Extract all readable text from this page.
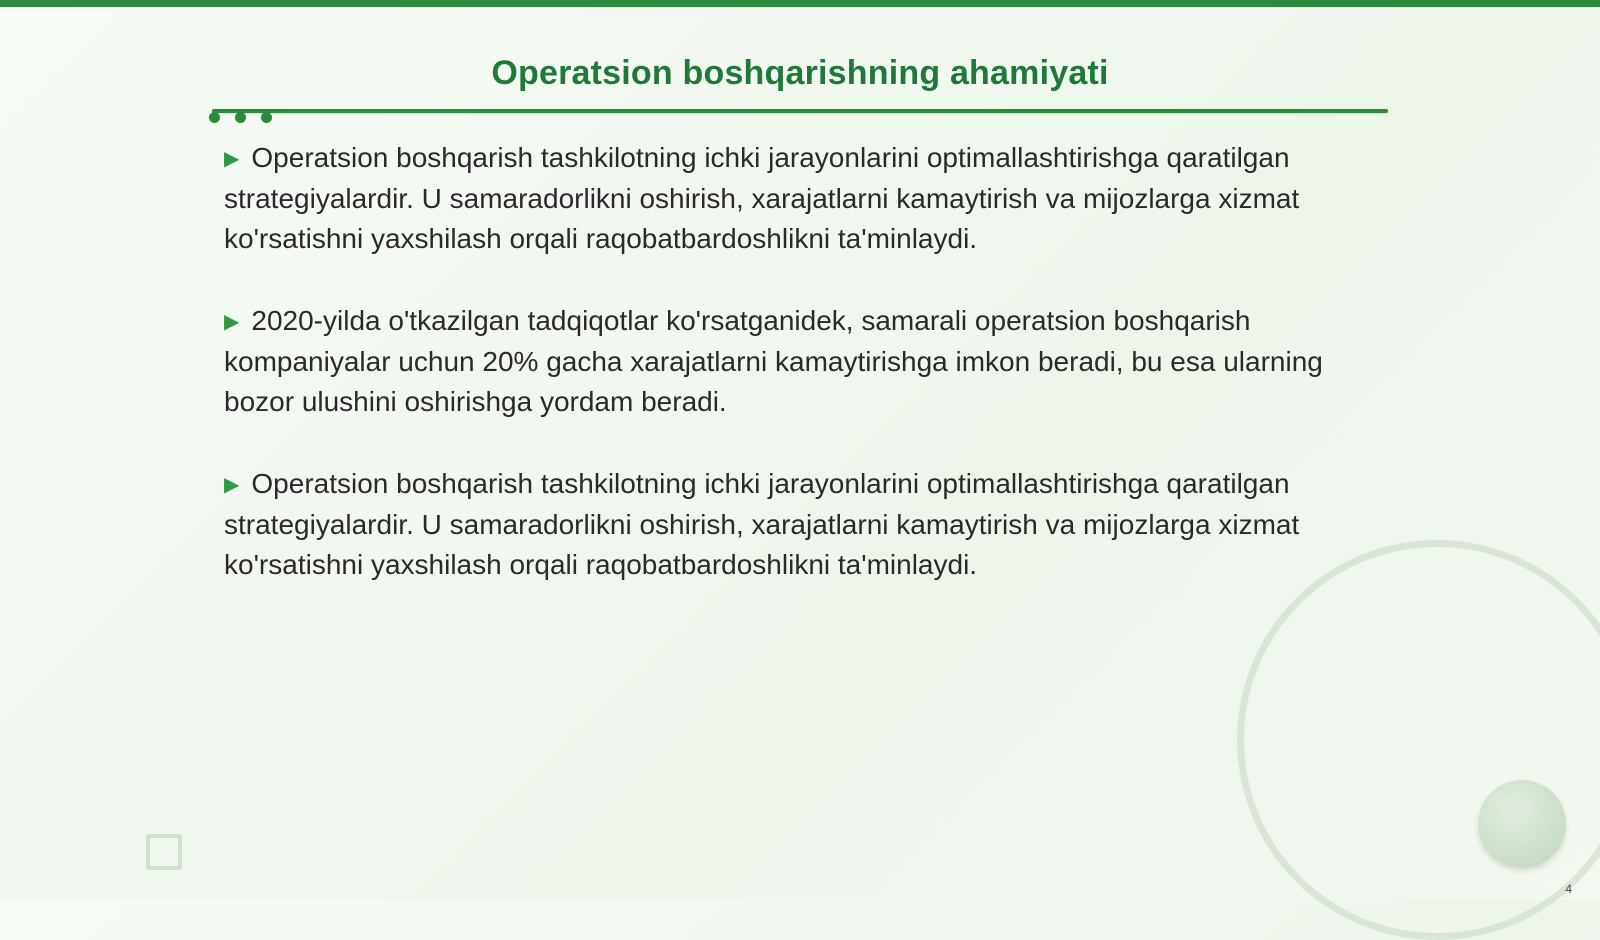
Operatsion boshqarishning ahamiyati

▶ Operatsion boshqarish tashkilotning ichki jarayonlarini optimallashtirishga qaratilgan strategiyalardir. U samaradorlikni oshirish, xarajatlarni kamaytirish va mijozlarga xizmat ko'rsatishni yaxshilash orqali raqobatbardoshlikni ta'minlaydi.

▶ 2020-yilda o'tkazilgan tadqiqotlar ko'rsatganidek, samarali operatsion boshqarish kompaniyalar uchun 20% gacha xarajatlarni kamaytirishga imkon beradi, bu esa ularning bozor ulushini oshirishga yordam beradi.

▶ Operatsion boshqarish tashkilotning ichki jarayonlarini optimallashtirishga qaratilgan strategiyalardir. U samaradorlikni oshirish, xarajatlarni kamaytirish va mijozlarga xizmat ko'rsatishni yaxshilash orqali raqobatbardoshlikni ta'minlaydi.

4
